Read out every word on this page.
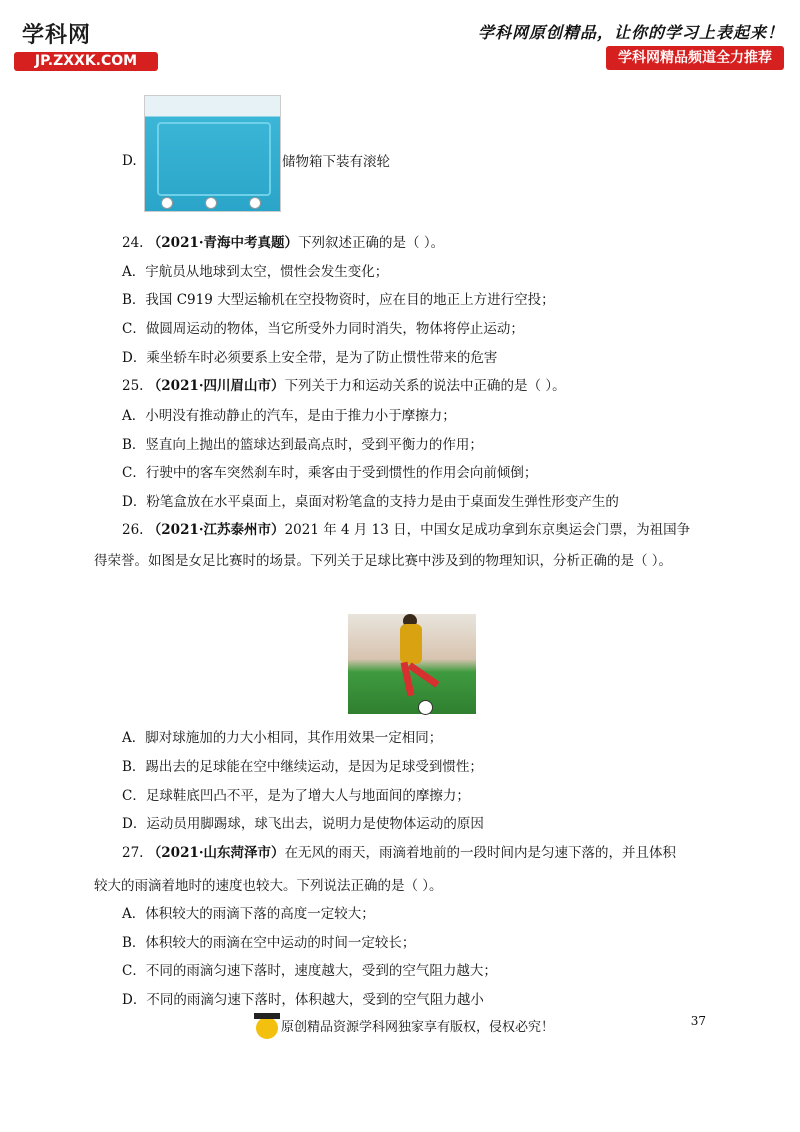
学科网
JP.ZXXK.COM
学科网原创精品，让你的学习上表起来！
学科网精品频道全力推荐
D.	储物箱下装有滚轮
24. （2021·青海中考真题）下列叙述正确的是（ ）。
A．宇航员从地球到太空，惯性会发生变化；
B．我国 C919 大型运输机在空投物资时，应在目的地正上方进行空投；
C．做圆周运动的物体，当它所受外力同时消失，物体将停止运动；
D．乘坐轿车时必须要系上安全带，是为了防止惯性带来的危害
25. （2021·四川眉山市）下列关于力和运动关系的说法中正确的是（ ）。
A．小明没有推动静止的汽车，是由于推力小于摩擦力；
B．竖直向上抛出的篮球达到最高点时，受到平衡力的作用；
C．行驶中的客车突然刹车时，乘客由于受到惯性的作用会向前倾倒；
D．粉笔盒放在水平桌面上，桌面对粉笔盒的支持力是由于桌面发生弹性形变产生的
26. （2021·江苏泰州市）2021 年 4 月 13 日，中国女足成功拿到东京奥运会门票，为祖国争
得荣誉。如图是女足比赛时的场景。下列关于足球比赛中涉及到的物理知识，分析正确的是（ ）。
A．脚对球施加的力大小相同，其作用效果一定相同；
B．踢出去的足球能在空中继续运动，是因为足球受到惯性；
C．足球鞋底凹凸不平，是为了增大人与地面间的摩擦力；
D．运动员用脚踢球，球飞出去，说明力是使物体运动的原因
27. （2021·山东菏泽市）在无风的雨天，雨滴着地前的一段时间内是匀速下落的，并且体积
较大的雨滴着地时的速度也较大。下列说法正确的是（ ）。
A．体积较大的雨滴下落的高度一定较大；
B．体积较大的雨滴在空中运动的时间一定较长；
C．不同的雨滴匀速下落时，速度越大，受到的空气阻力越大；
D．不同的雨滴匀速下落时，体积越大，受到的空气阻力越小
37
原创精品资源学科网独家享有版权，侵权必究！
